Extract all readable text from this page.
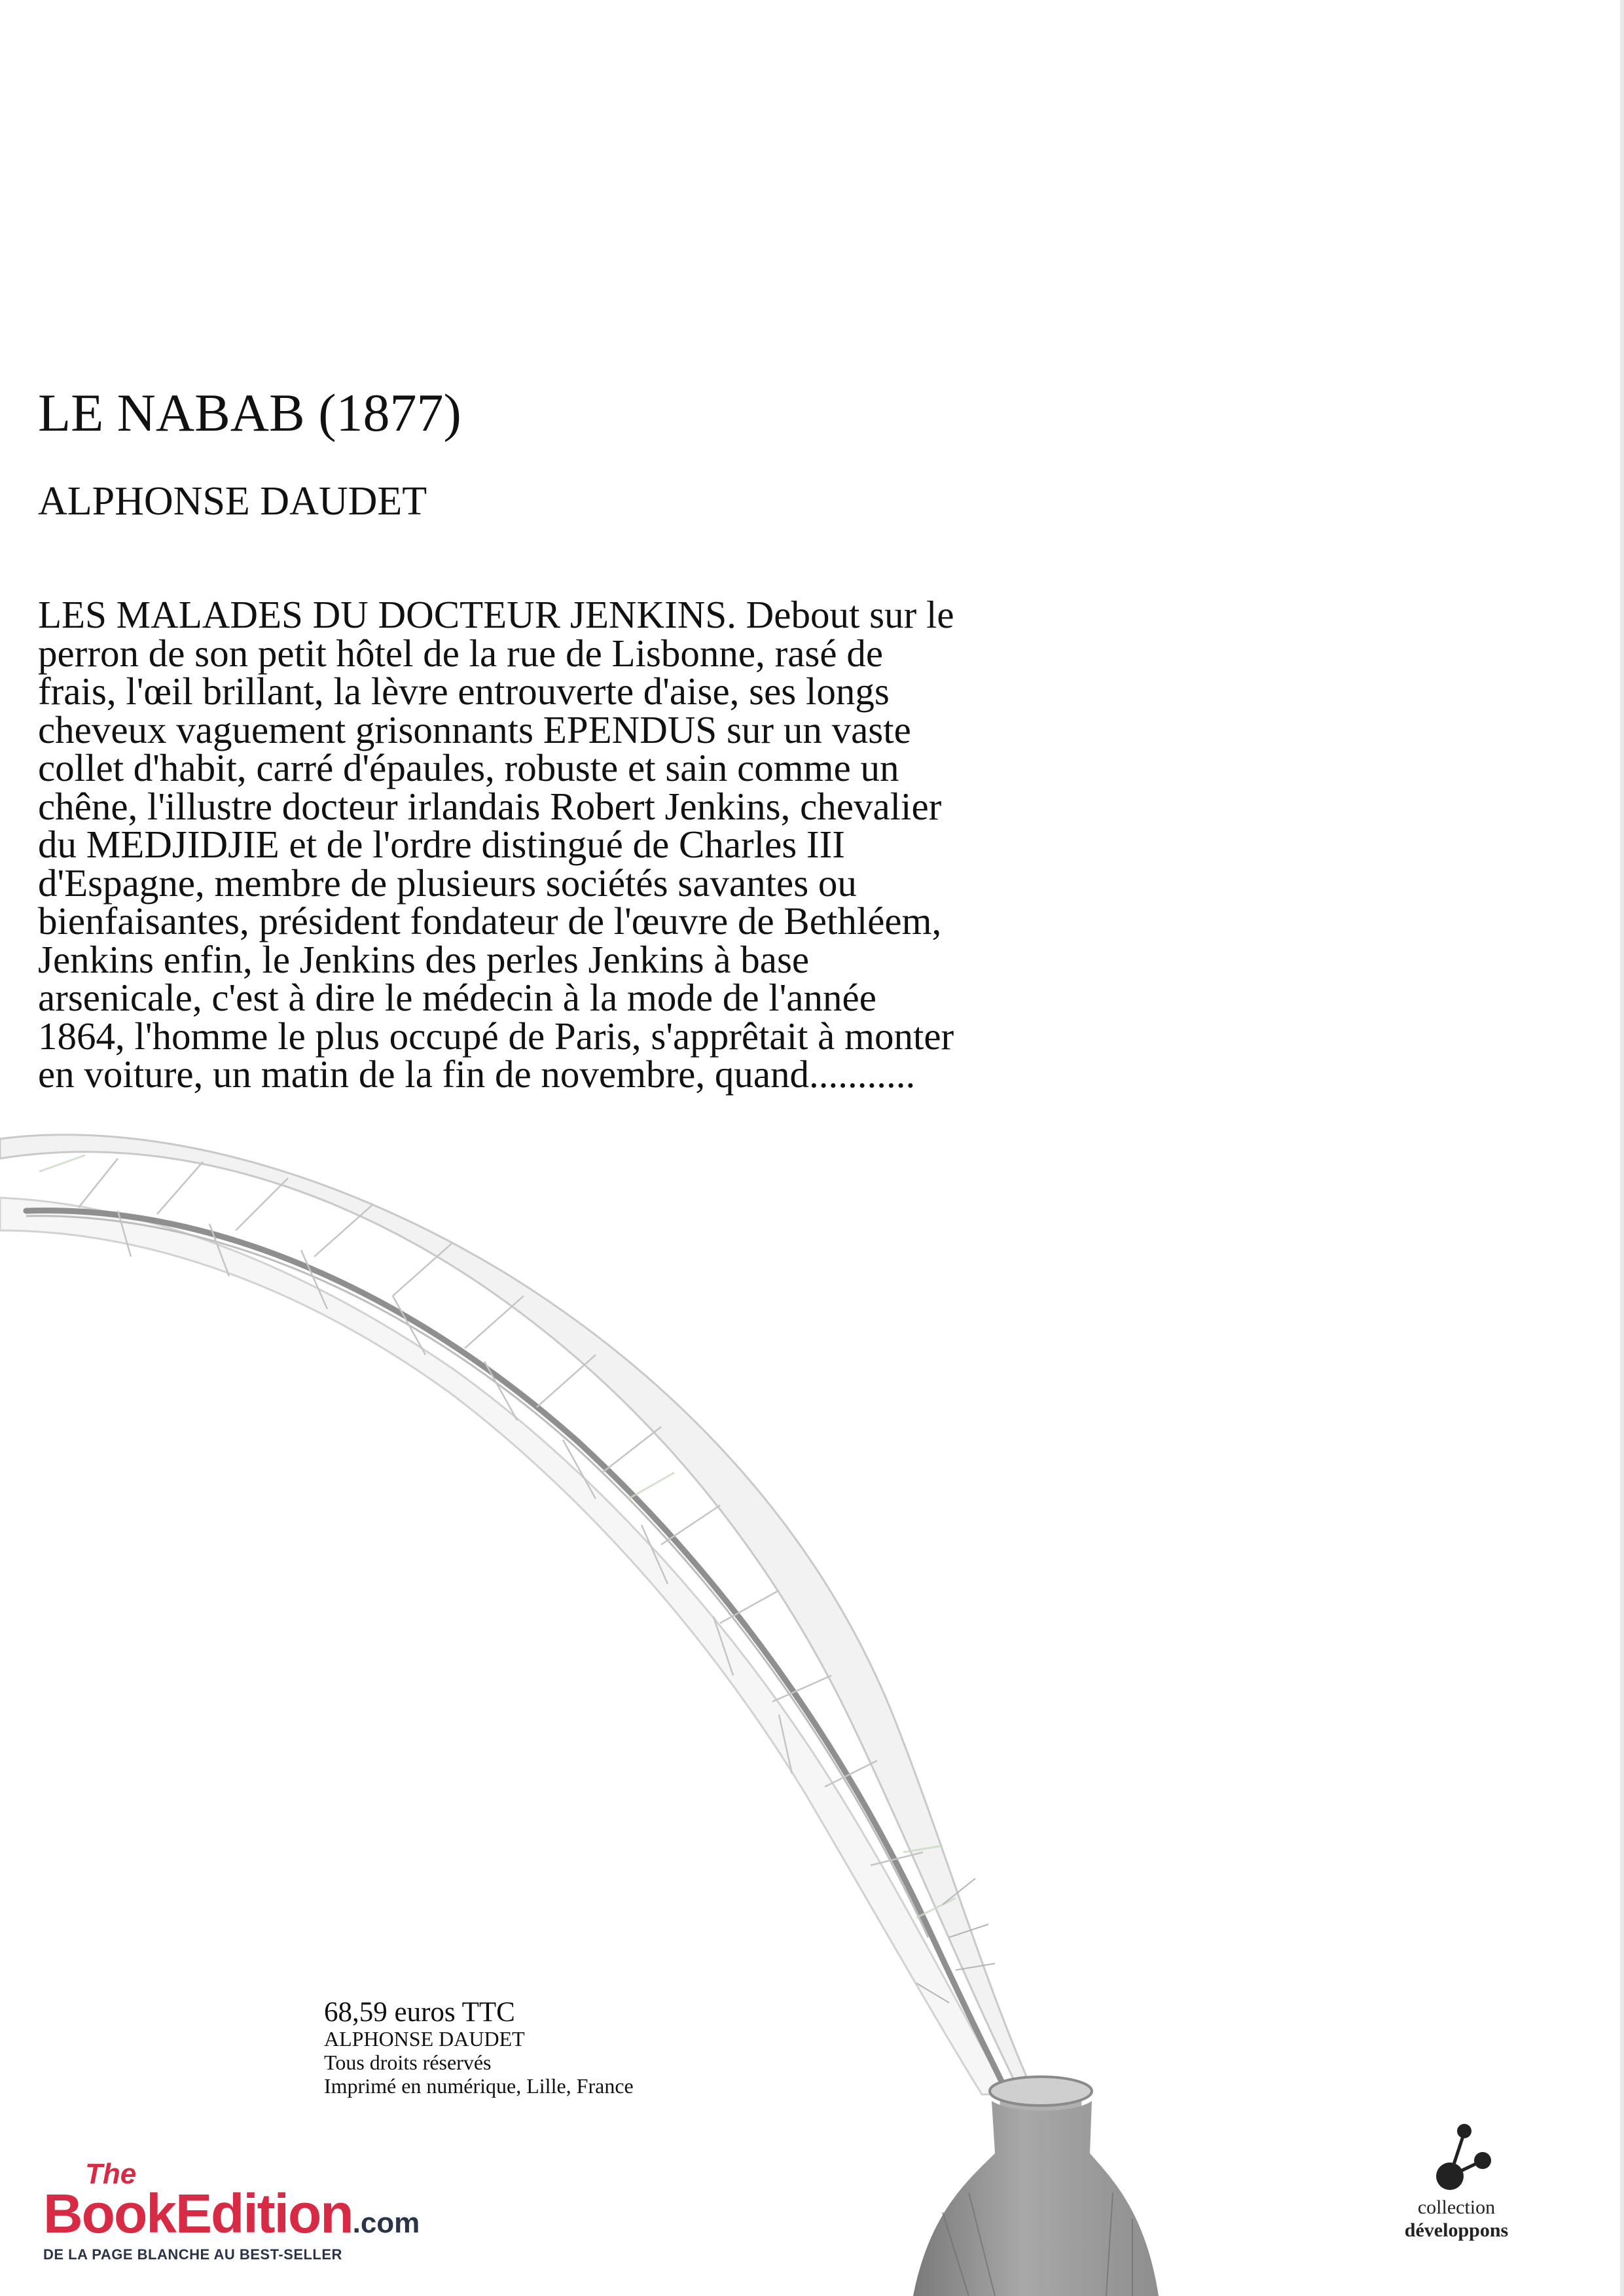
LE NABAB (1877)
ALPHONSE DAUDET
LES MALADES DU DOCTEUR JENKINS. Debout sur le
perron de son petit hôtel de la rue de Lisbonne, rasé de
frais, l'œil brillant, la lèvre entrouverte d'aise, ses longs
cheveux vaguement grisonnants EPENDUS sur un vaste
collet d'habit, carré d'épaules, robuste et sain comme un
chêne, l'illustre docteur irlandais Robert Jenkins, chevalier
du MEDJIDJIE et de l'ordre distingué de Charles III
d'Espagne, membre de plusieurs sociétés savantes ou
bienfaisantes, président fondateur de l'œuvre de Bethléem,
Jenkins enfin, le Jenkins des perles Jenkins à base
arsenicale, c'est à dire le médecin à la mode de l'année
1864, l'homme le plus occupé de Paris, s'apprêtait à monter
en voiture, un matin de la fin de novembre, quand...........
68,59 euros TTC
ALPHONSE DAUDET
Tous droits réservés
Imprimé en numérique, Lille, France
The
BookEdition.com
DE LA PAGE BLANCHE AU BEST-SELLER
collection
développons
